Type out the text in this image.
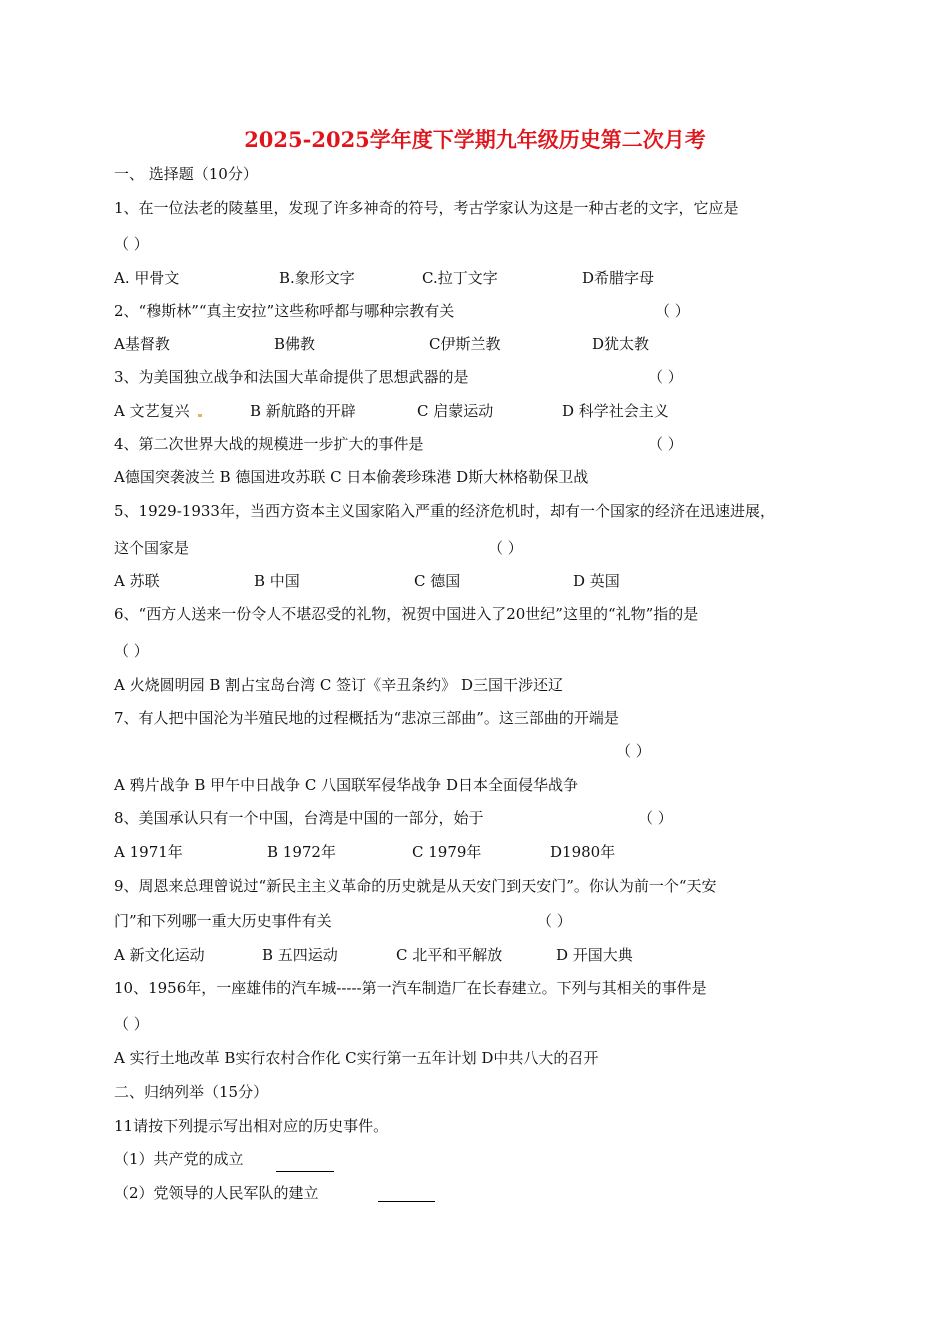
2025-2025学年度下学期九年级历史第二次月考
一、 选择题（10分）
1、在一位法老的陵墓里，发现了许多神奇的符号，考古学家认为这是一种古老的文字，它应是
（ ）
A. 甲骨文	B.象形文字	C.拉丁文字	D希腊字母
2、“穆斯林”“真主安拉”这些称呼都与哪种宗教有关	（ ）
A基督教	B佛教	C伊斯兰教	D犹太教
3、为美国独立战争和法国大革命提供了思想武器的是	（ ）
A 文艺复兴	B 新航路的开辟	C 启蒙运动	D 科学社会主义
4、第二次世界大战的规模进一步扩大的事件是	（ ）
A德国突袭波兰 B 德国进攻苏联 C 日本偷袭珍珠港 D斯大林格勒保卫战
5、1929-1933年，当西方资本主义国家陷入严重的经济危机时，却有一个国家的经济在迅速进展，
这个国家是	（ ）
A 苏联	B 中国	C 德国	D 英国
6、“西方人送来一份令人不堪忍受的礼物，祝贺中国进入了20世纪”这里的“礼物”指的是
（ ）
A 火烧圆明园 B 割占宝岛台湾 C 签订《辛丑条约》 D三国干涉还辽
7、有人把中国沦为半殖民地的过程概括为“悲凉三部曲”。这三部曲的开端是
（ ）
A 鸦片战争 B 甲午中日战争 C 八国联军侵华战争 D日本全面侵华战争
8、美国承认只有一个中国，台湾是中国的一部分，始于	（ ）
A 1971年	B 1972年	C 1979年	D1980年
9、周恩来总理曾说过“新民主主义革命的历史就是从天安门到天安门”。你认为前一个“天安
门”和下列哪一重大历史事件有关	（ ）
A 新文化运动	B 五四运动	C 北平和平解放	D 开国大典
10、1956年，一座雄伟的汽车城-----第一汽车制造厂在长春建立。下列与其相关的事件是
（ ）
A 实行土地改革 B实行农村合作化 C实行第一五年计划 D中共八大的召开
二、归纳列举（15分）
11请按下列提示写出相对应的历史事件。
（1）共产党的成立
（2）党领导的人民军队的建立
